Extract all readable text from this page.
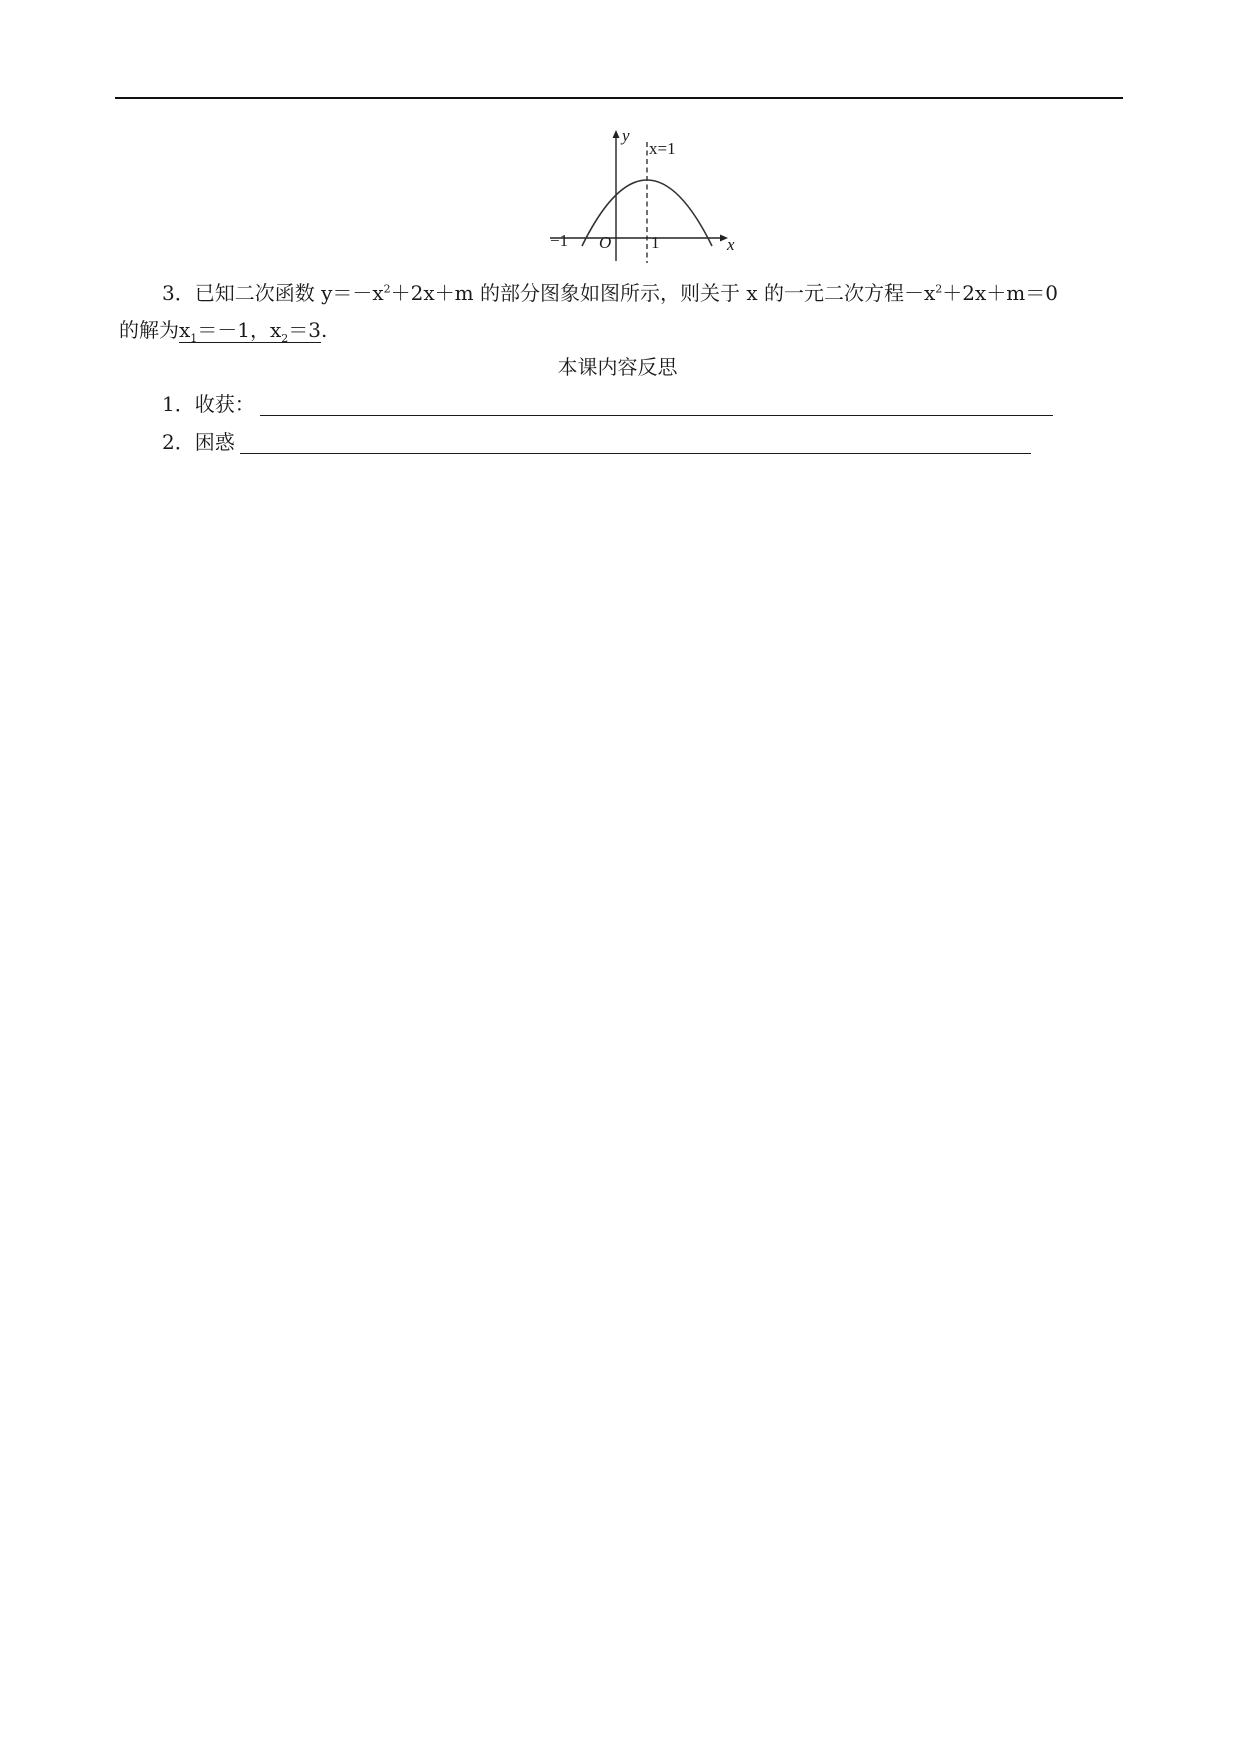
y
x=1
−1 O 1	x
3．已知二次函数 $y=-x^2+2x+m$ 的部分图象如图所示，则关于 x 的一元二次方程$-x^2+2x+m=0$
的解为$x_1=-1$，$x_2=3$.
本课内容反思
1．收获：
2．困惑
